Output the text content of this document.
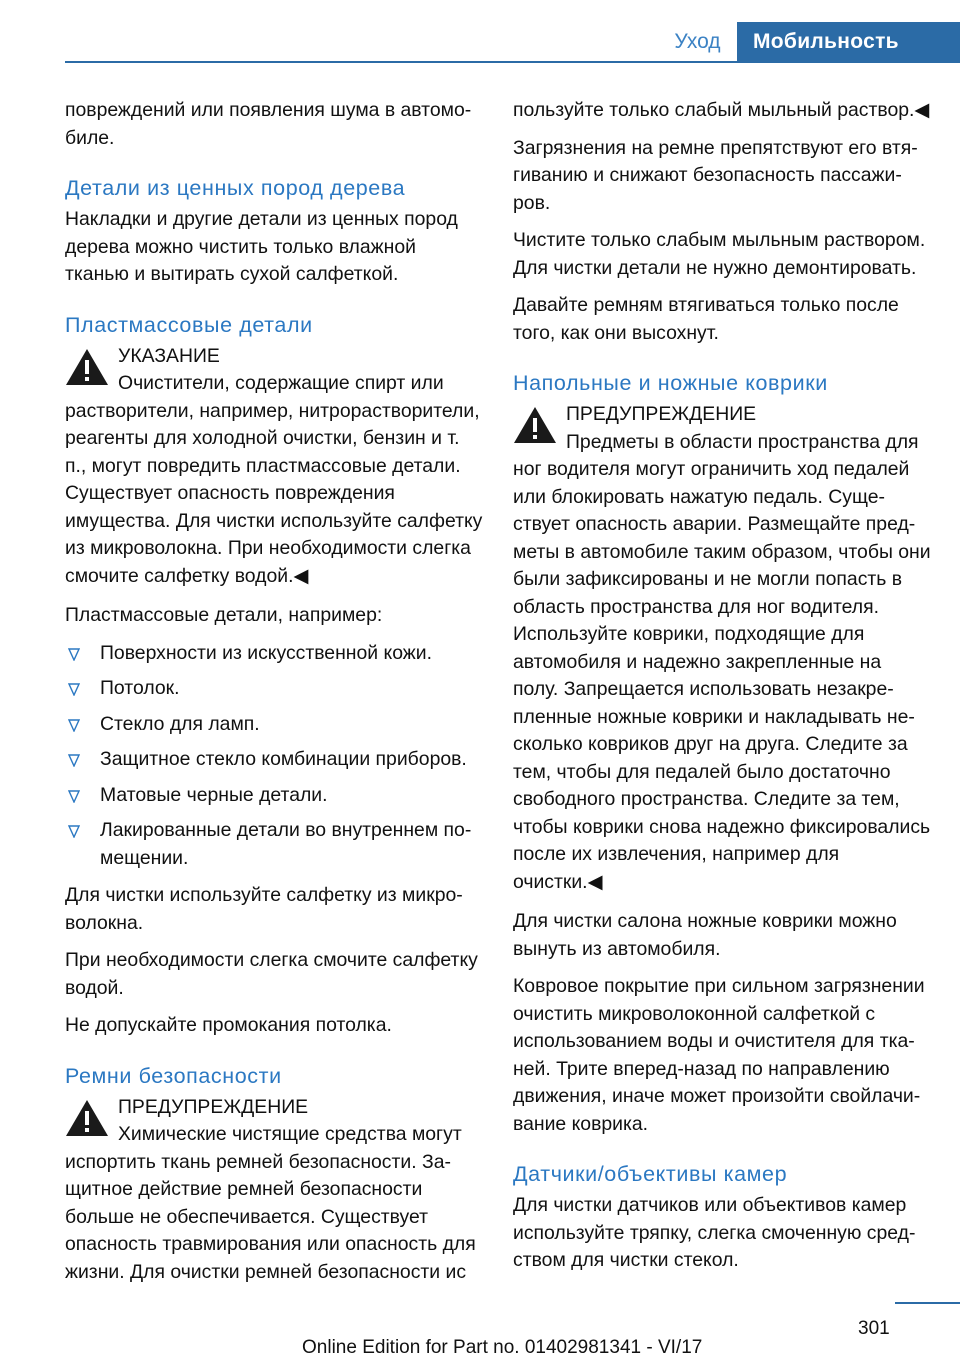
Уход	Мобильность

повреждений или появления шума в автомобиле.

Детали из ценных пород дерева

Накладки и другие детали из ценных пород дерева можно чистить только влажной тканью и вытирать сухой салфеткой.

Пластмассовые детали

УКАЗАНИЕ

Очистители, содержащие спирт или растворители, например, нитрорастворители, реагенты для холодной очистки, бензин и т. п., могут повредить пластмассовые детали. Существует опасность повреждения имущества. Для чистки используйте салфетку из микроволокна. При необходимости слегка смочите салфетку водой.◀

Пластмассовые детали, например:

Поверхности из искусственной кожи.
Потолок.
Стекло для ламп.
Защитное стекло комбинации приборов.
Матовые черные детали.
Лакированные детали во внутреннем помещении.

Для чистки используйте салфетку из микроволокна.

При необходимости слегка смочите салфетку водой.

Не допускайте промокания потолка.

Ремни безопасности

ПРЕДУПРЕЖДЕНИЕ

Химические чистящие средства могут испортить ткань ремней безопасности. Защитное действие ремней безопасности больше не обеспечивается. Существует опасность травмирования или опасность для жизни. Для очистки ремней безопасности ис

пользуйте только слабый мыльный раствор.◀

Загрязнения на ремне препятствуют его втягиванию и снижают безопасность пассажиров.

Чистите только слабым мыльным раствором. Для чистки детали не нужно демонтировать.

Давайте ремням втягиваться только после того, как они высохнут.

Напольные и ножные коврики

ПРЕДУПРЕЖДЕНИЕ

Предметы в области пространства для ног водителя могут ограничить ход педалей или блокировать нажатую педаль. Существует опасность аварии. Размещайте предметы в автомобиле таким образом, чтобы они были зафиксированы и не могли попасть в область пространства для ног водителя. Используйте коврики, подходящие для автомобиля и надежно закрепленные на полу. Запрещается использовать незакрепленные ножные коврики и накладывать несколько ковриков друг на друга. Следите за тем, чтобы для педалей было достаточно свободного пространства. Следите за тем, чтобы коврики снова надежно фиксировались после их извлечения, например для очистки.◀

Для чистки салона ножные коврики можно вынуть из автомобиля.

Ковровое покрытие при сильном загрязнении очистить микроволоконной салфеткой с использованием воды и очистителя для тканей. Трите вперед-назад по направлению движения, иначе может произойти свойлачивание коврика.

Датчики/объективы камер

Для чистки датчиков или объективов камер используйте тряпку, слегка смоченную средством для чистки стекол.

301
Online Edition for Part no. 01402981341 - VI/17
